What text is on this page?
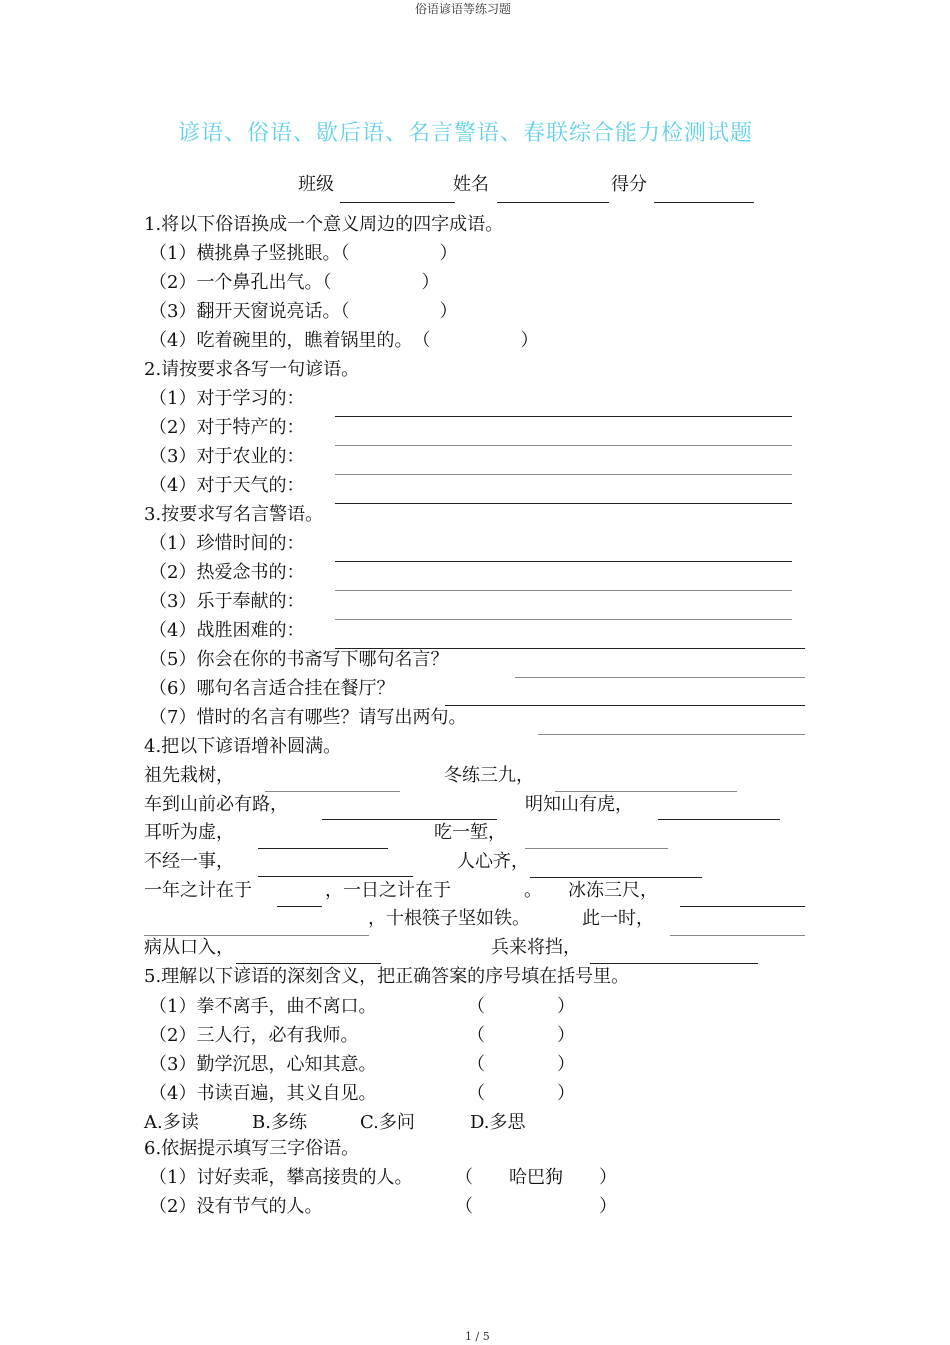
俗语谚语等练习题
谚语、俗语、歇后语、名言警语、春联综合能力检测试题
班级	姓名	得分
1.将以下俗语换成一个意义周边的四字成语。
（1）横挑鼻子竖挑眼。（　　　　　）
（2）一个鼻孔出气。（　　　　　）
（3）翻开天窗说亮话。（　　　　　）
（4）吃着碗里的，瞧着锅里的。　（　　　　　）
2.请按要求各写一句谚语。
（1）对于学习的：
（2）对于特产的：
（3）对于农业的：
（4）对于天气的：
3.按要求写名言警语。
（1）珍惜时间的：
（2）热爱念书的：
（3）乐于奉献的：
（4）战胜困难的：
（5）你会在你的书斋写下哪句名言？
（6）哪句名言适合挂在餐厅？
（7）惜时的名言有哪些？请写出两句。
4.把以下谚语增补圆满。
祖先栽树，	冬练三九，
车到山前必有路，	明知山有虎，
耳听为虚，	吃一堑，
不经一事，	人心齐，
一年之计在于	，一日之计在于	。 冰冻三尺，
，十根筷子坚如铁。	此一时，
病从口入，	兵来将挡，
5.理解以下谚语的深刻含义，把正确答案的序号填在括号里。
（1）拳不离手，曲不离口。	（　　　　）
（2）三人行，必有我师。	（　　　　）
（3）勤学沉思，心知其意。	（　　　　）
（4）书读百遍，其义自见。	（　　　　）
A.多读	B.多练	C.多问	D.多思
6.依据提示填写三字俗语。
（1）讨好卖乖，攀高接贵的人。 （　　哈巴狗　　）
（2）没有节气的人。	（　　　　　　　）
1 / 5
